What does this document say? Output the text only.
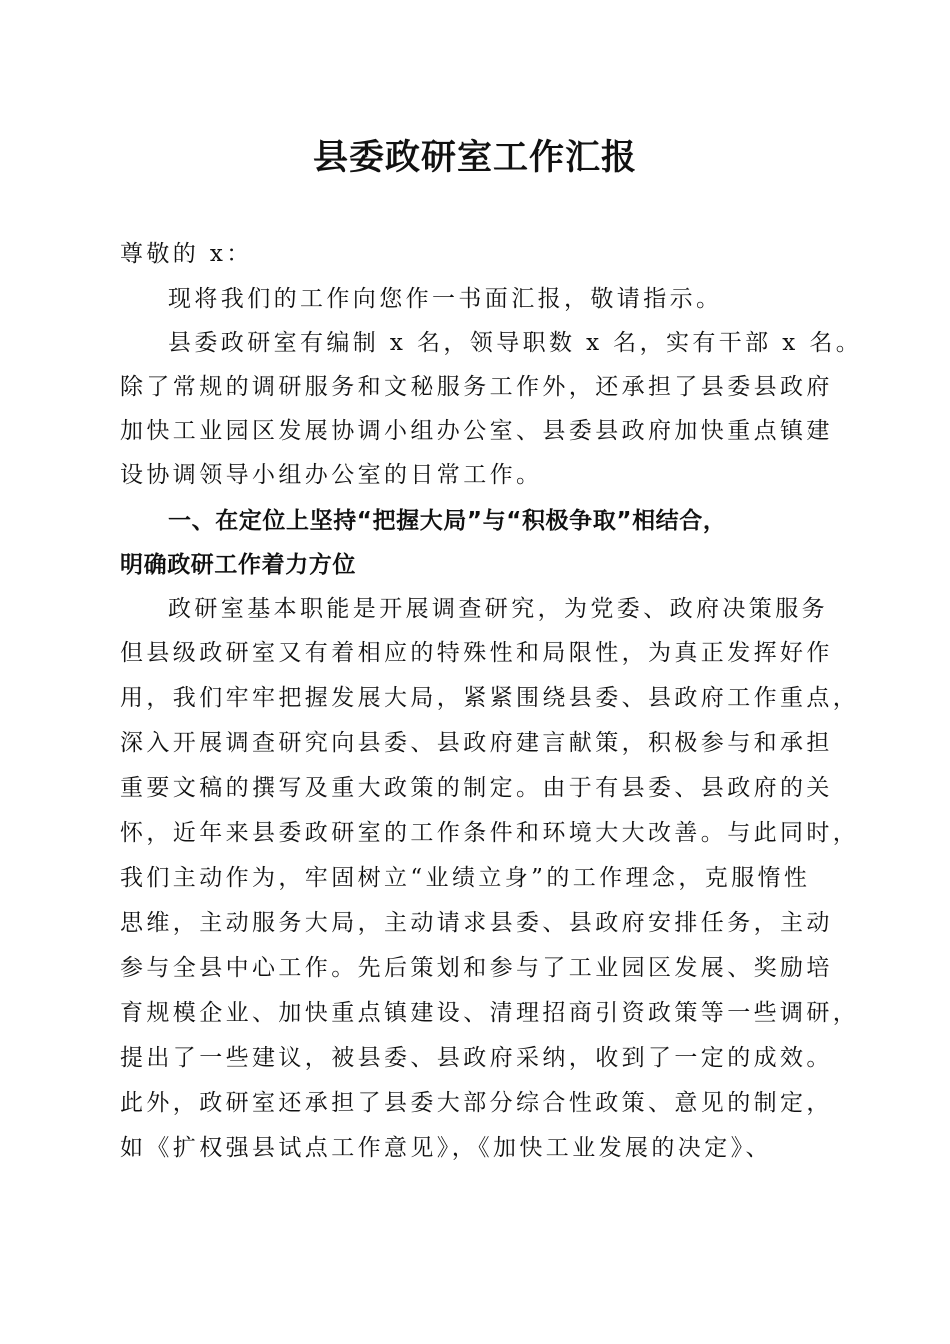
县委政研室工作汇报
尊敬的 x：
现将我们的工作向您作一书面汇报，敬请指示。
县委政研室有编制 x 名，领导职数 x 名，实有干部 x 名。
除了常规的调研服务和文秘服务工作外，还承担了县委县政府
加快工业园区发展协调小组办公室、县委县政府加快重点镇建
设协调领导小组办公室的日常工作。
一、在定位上坚持“把握大局”与“积极争取”相结合，
明确政研工作着力方位
政研室基本职能是开展调查研究，为党委、政府决策服务
但县级政研室又有着相应的特殊性和局限性，为真正发挥好作
用，我们牢牢把握发展大局，紧紧围绕县委、县政府工作重点，
深入开展调查研究向县委、县政府建言献策，积极参与和承担
重要文稿的撰写及重大政策的制定。由于有县委、县政府的关
怀，近年来县委政研室的工作条件和环境大大改善。与此同时，
我们主动作为，牢固树立“业绩立身”的工作理念，克服惰性
思维，主动服务大局，主动请求县委、县政府安排任务，主动
参与全县中心工作。先后策划和参与了工业园区发展、奖励培
育规模企业、加快重点镇建设、清理招商引资政策等一些调研，
提出了一些建议，被县委、县政府采纳，收到了一定的成效。
此外，政研室还承担了县委大部分综合性政策、意见的制定，
如《扩权强县试点工作意见》，《加快工业发展的决定》、
